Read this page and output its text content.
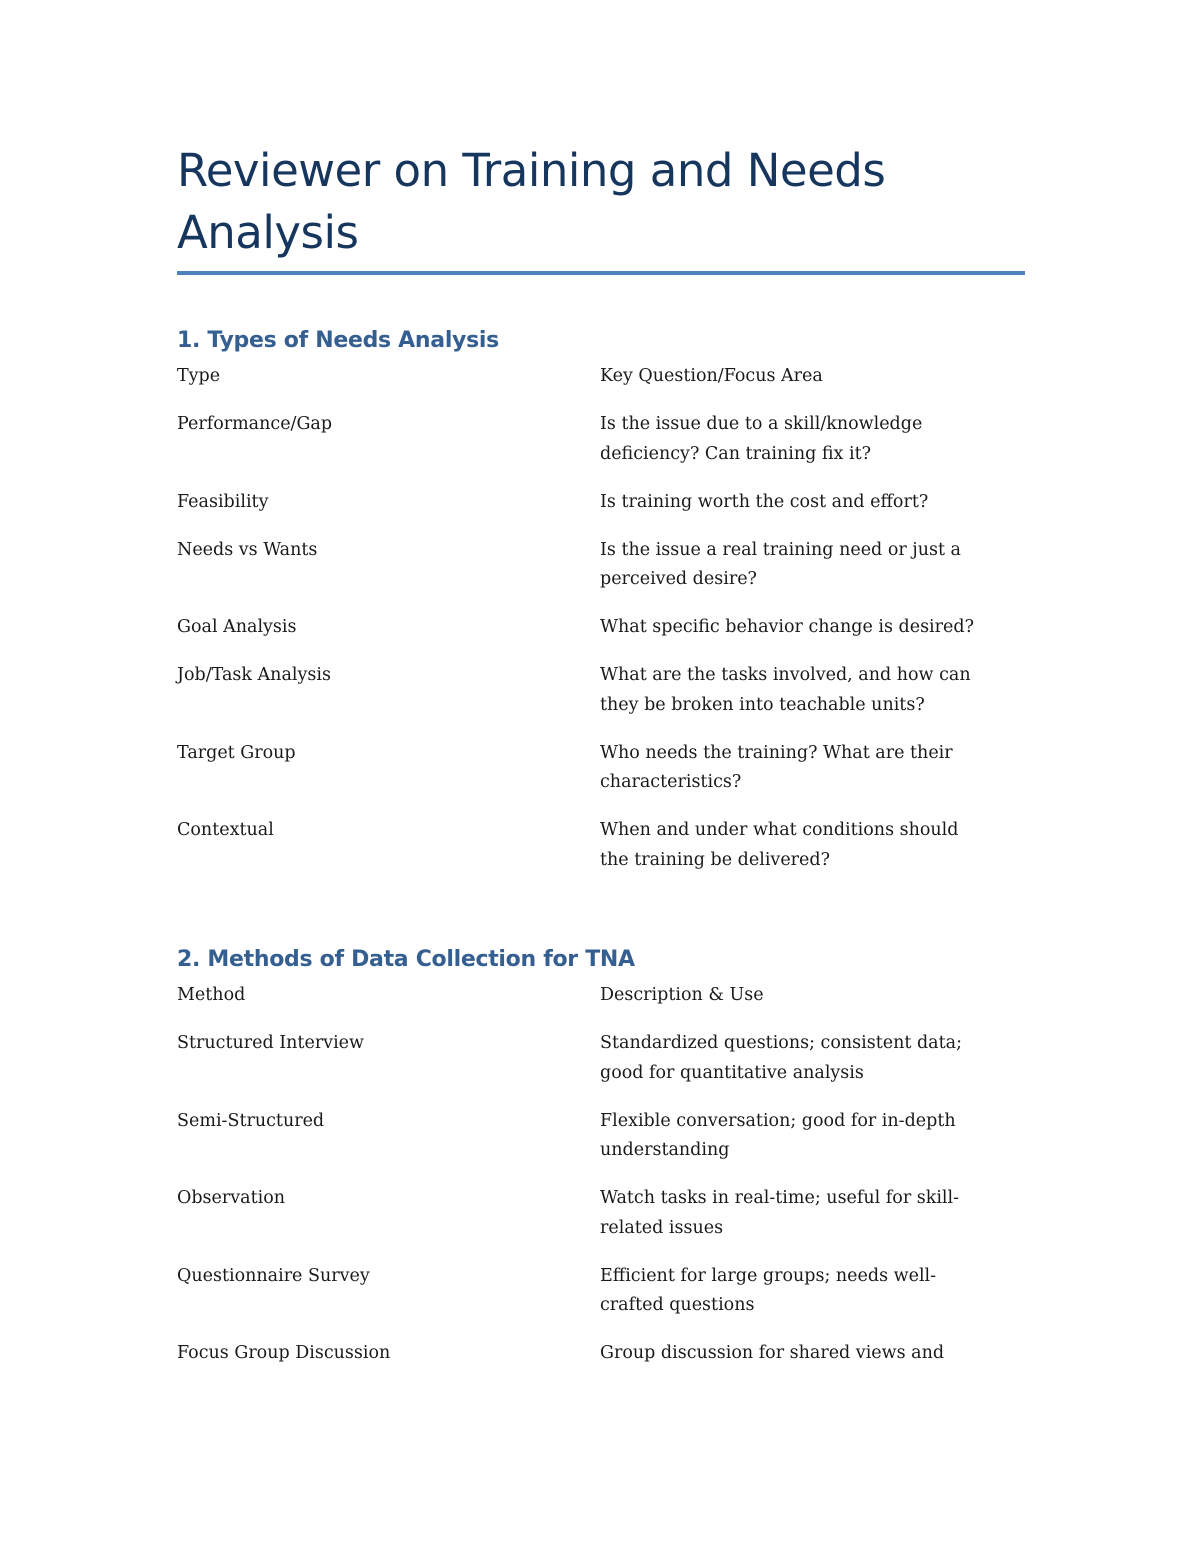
Reviewer on Training and Needs Analysis
1. Types of Needs Analysis
Type	Key Question/Focus Area
Performance/Gap	Is the issue due to a skill/knowledge deficiency? Can training fix it?
Feasibility	Is training worth the cost and effort?
Needs vs Wants	Is the issue a real training need or just a perceived desire?
Goal Analysis	What specific behavior change is desired?
Job/Task Analysis	What are the tasks involved, and how can they be broken into teachable units?
Target Group	Who needs the training? What are their characteristics?
Contextual	When and under what conditions should the training be delivered?
2. Methods of Data Collection for TNA
Method	Description & Use
Structured Interview	Standardized questions; consistent data; good for quantitative analysis
Semi-Structured	Flexible conversation; good for in-depth understanding
Observation	Watch tasks in real-time; useful for skill-related issues
Questionnaire Survey	Efficient for large groups; needs well-crafted questions
Focus Group Discussion	Group discussion for shared views and
